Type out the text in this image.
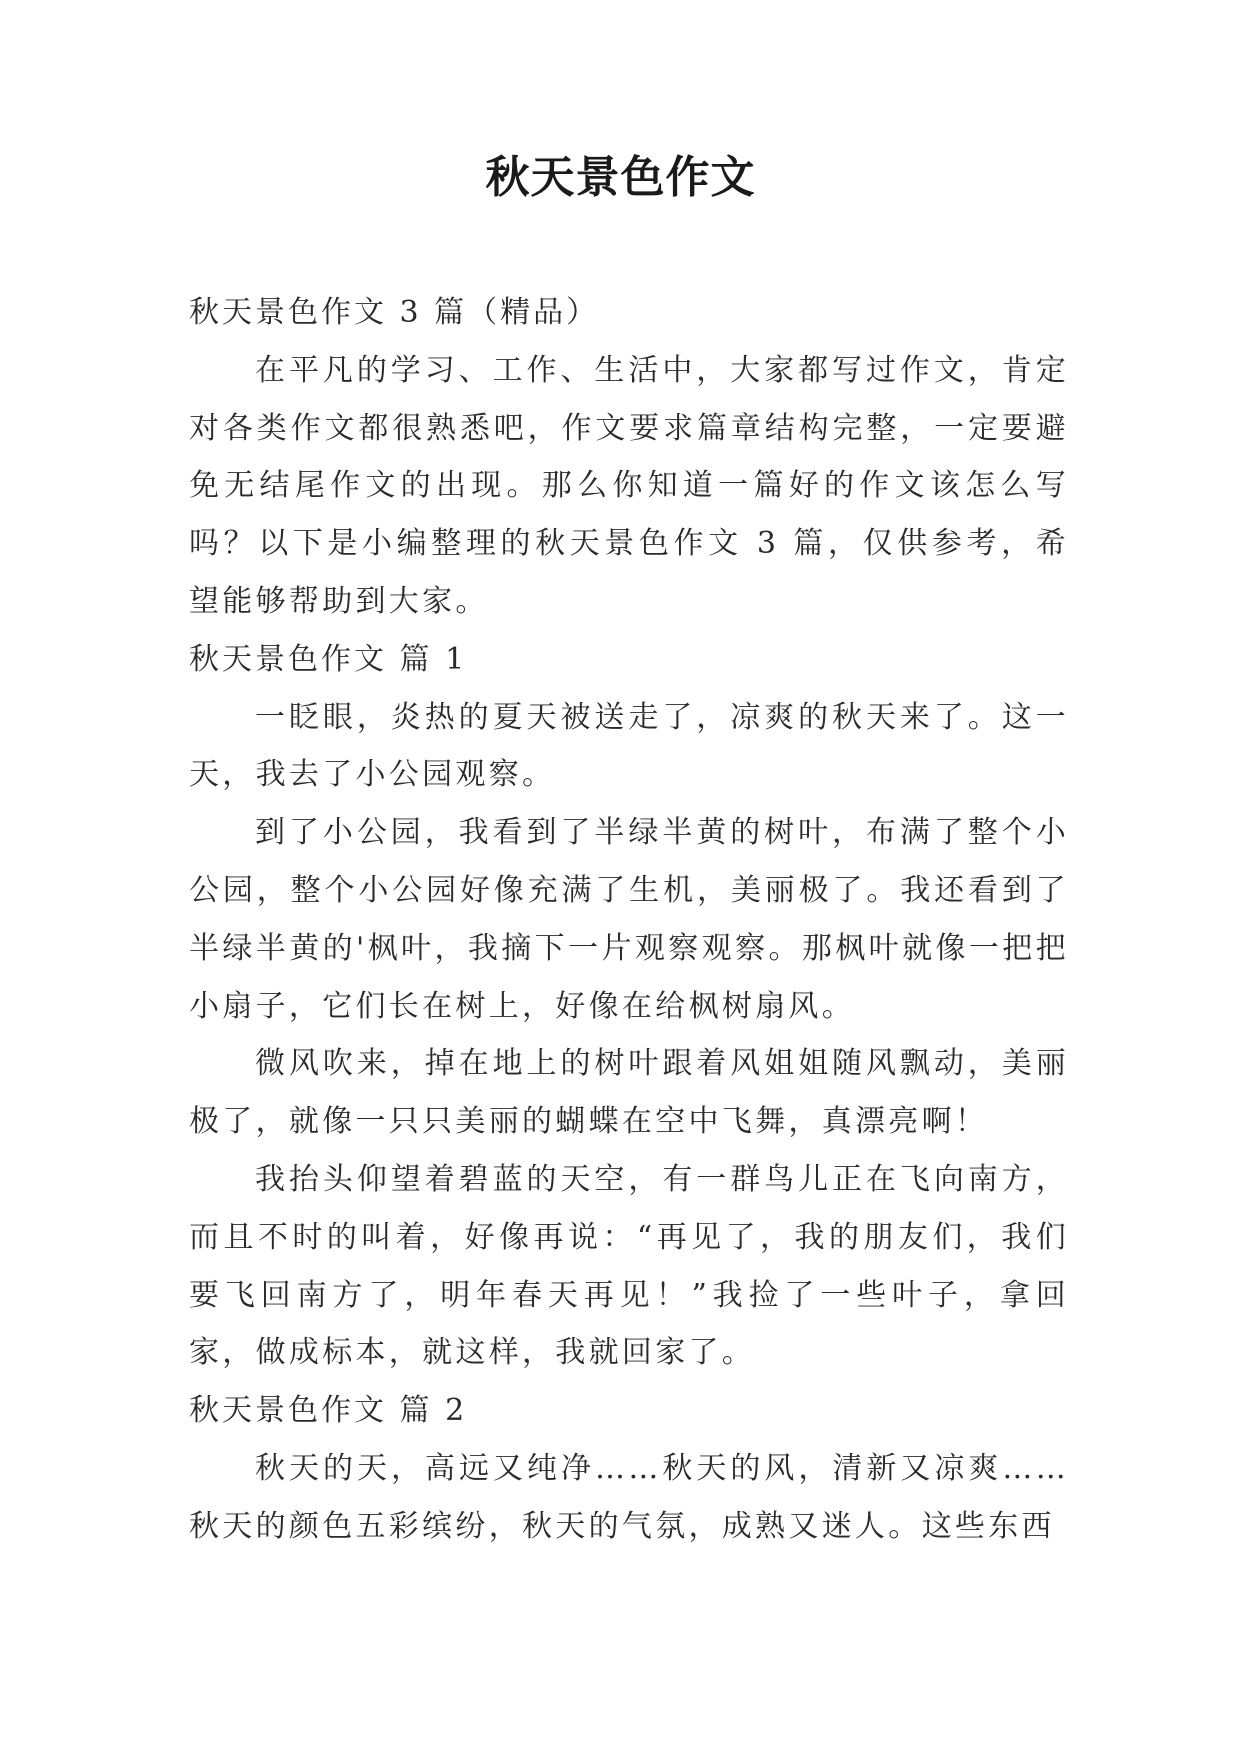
秋天景色作文

秋天景色作文 3 篇（精品）

在平凡的学习、工作、生活中，大家都写过作文，肯定对各类作文都很熟悉吧，作文要求篇章结构完整，一定要避免无结尾作文的出现。那么你知道一篇好的作文该怎么写吗？以下是小编整理的秋天景色作文 3 篇，仅供参考，希望能够帮助到大家。

秋天景色作文 篇 1

一眨眼，炎热的夏天被送走了，凉爽的秋天来了。这一天，我去了小公园观察。

到了小公园，我看到了半绿半黄的树叶，布满了整个小公园，整个小公园好像充满了生机，美丽极了。我还看到了半绿半黄的'枫叶，我摘下一片观察观察。那枫叶就像一把把小扇子，它们长在树上，好像在给枫树扇风。

微风吹来，掉在地上的树叶跟着风姐姐随风飘动，美丽极了，就像一只只美丽的蝴蝶在空中飞舞，真漂亮啊！

我抬头仰望着碧蓝的天空，有一群鸟儿正在飞向南方，而且不时的叫着，好像再说：“再见了，我的朋友们，我们要飞回南方了，明年春天再见！”我捡了一些叶子，拿回家，做成标本，就这样，我就回家了。

秋天景色作文 篇 2

秋天的天，高远又纯净……秋天的风，清新又凉爽……秋天的颜色五彩缤纷，秋天的气氛，成熟又迷人。这些东西
